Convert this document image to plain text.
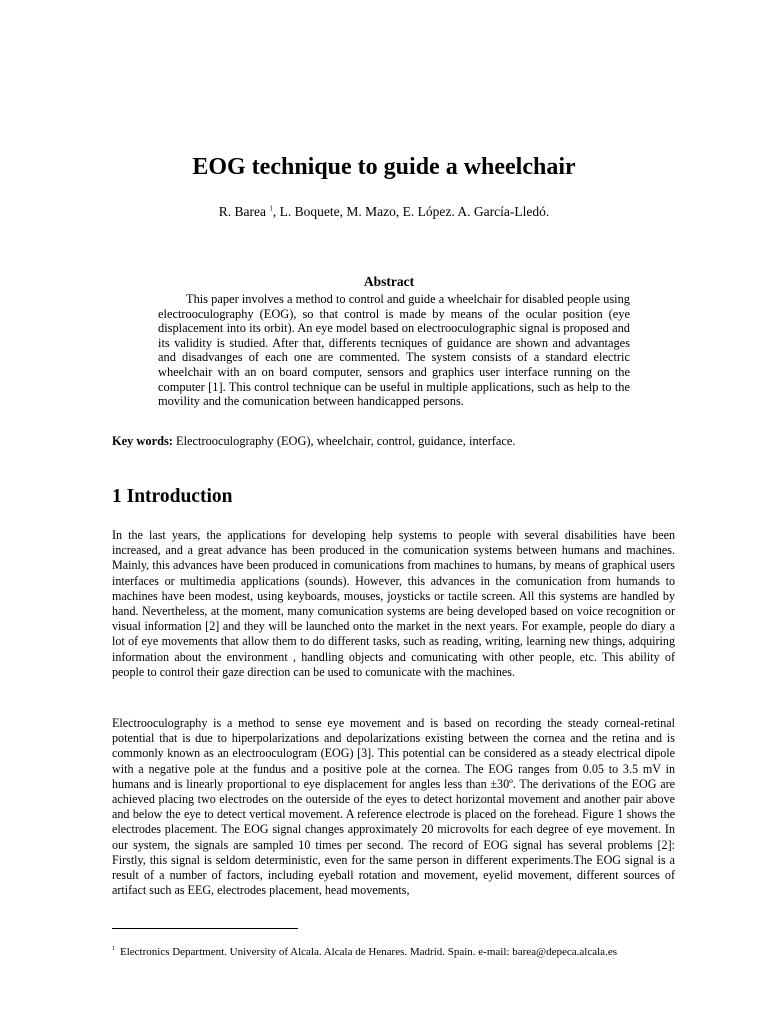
EOG technique to guide a wheelchair
R. Barea $^1$, L. Boquete, M. Mazo, E. López. A. García-Lledó.
Abstract

This paper involves a method to control and guide a wheelchair for disabled people using electrooculography (EOG), so that control is made by means of the ocular position (eye displacement into its orbit). An eye model based on electrooculographic signal is proposed and its validity is studied. After that, differents tecniques of guidance are shown and advantages and disadvanges of each one are commented. The system consists of a standard electric wheelchair with an on board computer, sensors and graphics user interface running on the computer [1]. This control technique can be useful in multiple applications, such as help to the movility and the comunication between handicapped persons.

Key words: Electrooculography (EOG), wheelchair, control, guidance, interface.

1 Introduction

In the last years, the applications for developing help systems to people with several disabilities have been increased, and a great advance has been produced in the comunication systems between humans and machines. Mainly, this advances have been produced in comunications from machines to humans, by means of graphical users interfaces or multimedia applications (sounds). However, this advances in the comunication from humands to machines have been modest, using keyboards, mouses, joysticks or tactile screen. All this systems are handled by hand. Nevertheless, at the moment, many comunication systems are being developed based on voice recognition or visual information [2] and they will be launched onto the market in the next years. For example, people do diary a lot of eye movements that allow them to do different tasks, such as reading, writing, learning new things, adquiring information about the environment , handling objects and comunicating with other people, etc. This ability of people to control their gaze direction can be used to comunicate with the machines.

Electrooculography is a method to sense eye movement and is based on recording the steady corneal-retinal potential that is due to hiperpolarizations and depolarizations existing between the cornea and the retina and is commonly known as an electrooculogram (EOG) [3]. This potential can be considered as a steady electrical dipole with a negative pole at the fundus and a positive pole at the cornea. The EOG ranges from 0.05 to 3.5 mV in humans and is linearly proportional to eye displacement for angles less than ±30º. The derivations of the EOG are achieved placing two electrodes on the outerside of the eyes to detect horizontal movement and another pair above and below the eye to detect vertical movement. A reference electrode is placed on the forehead. Figure 1 shows the electrodes placement. The EOG signal changes approximately 20 microvolts for each degree of eye movement. In our system, the signals are sampled 10 times per second. The record of EOG signal has several problems [2]: Firstly, this signal is seldom deterministic, even for the same person in different experiments.The EOG signal is a result of a number of factors, including eyeball rotation and movement, eyelid movement, different sources of artifact such as EEG, electrodes placement, head movements,

$^1$ Electronics Department. University of Alcala. Alcala de Henares. Madrid. Spain. e-mail: barea@depeca.alcala.es
